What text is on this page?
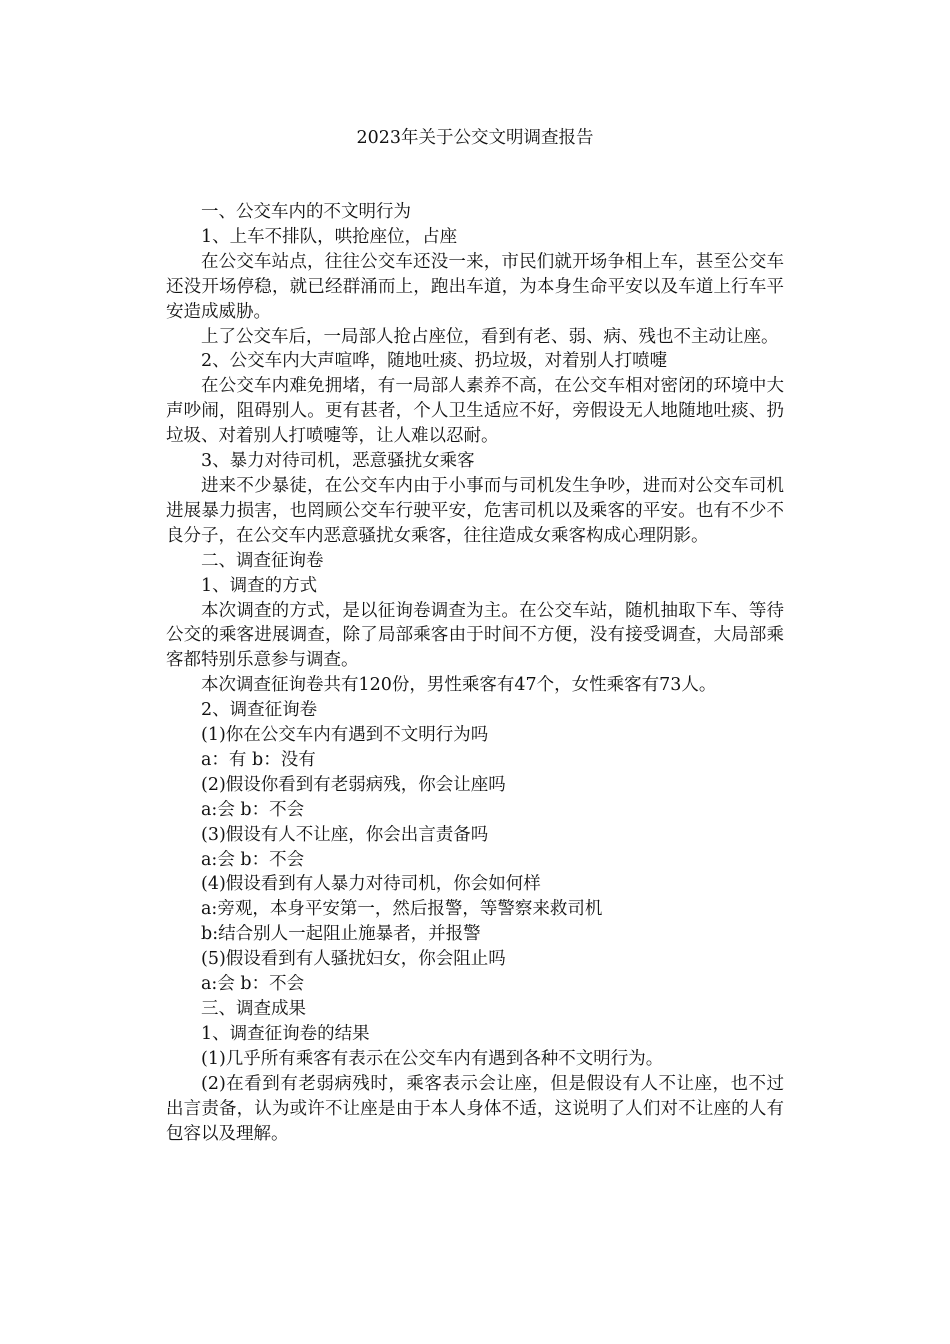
2023年关于公交文明调查报告

一、公交车内的不文明行为

1、上车不排队，哄抢座位，占座

在公交车站点，往往公交车还没一来，市民们就开场争相上车，甚至公交车还没开场停稳，就已经群涌而上，跑出车道，为本身生命平安以及车道上行车平安造成威胁。

上了公交车后，一局部人抢占座位，看到有老、弱、病、残也不主动让座。

2、公交车内大声喧哗，随地吐痰、扔垃圾，对着别人打喷嚏

在公交车内难免拥堵，有一局部人素养不高，在公交车相对密闭的环境中大声吵闹，阻碍别人。更有甚者，个人卫生适应不好，旁假设无人地随地吐痰、扔垃圾、对着别人打喷嚏等，让人难以忍耐。

3、暴力对待司机，恶意骚扰女乘客

进来不少暴徒，在公交车内由于小事而与司机发生争吵，进而对公交车司机进展暴力损害，也罔顾公交车行驶平安，危害司机以及乘客的平安。也有不少不良分子，在公交车内恶意骚扰女乘客，往往造成女乘客构成心理阴影。

二、调查征询卷

1、调查的方式

本次调查的方式，是以征询卷调查为主。在公交车站，随机抽取下车、等待公交的乘客进展调查，除了局部乘客由于时间不方便，没有接受调查，大局部乘客都特别乐意参与调查。

本次调查征询卷共有120份，男性乘客有47个，女性乘客有73人。

2、调查征询卷

(1)你在公交车内有遇到不文明行为吗

a：有 b：没有

(2)假设你看到有老弱病残，你会让座吗

a:会 b：不会

(3)假设有人不让座，你会出言责备吗

a:会 b：不会

(4)假设看到有人暴力对待司机，你会如何样

a:旁观，本身平安第一，然后报警，等警察来救司机

b:结合别人一起阻止施暴者，并报警

(5)假设看到有人骚扰妇女，你会阻止吗

a:会 b：不会

三、调查成果

1、调查征询卷的结果

(1)几乎所有乘客有表示在公交车内有遇到各种不文明行为。

(2)在看到有老弱病残时，乘客表示会让座，但是假设有人不让座，也不过出言责备，认为或许不让座是由于本人身体不适，这说明了人们对不让座的人有包容以及理解。
